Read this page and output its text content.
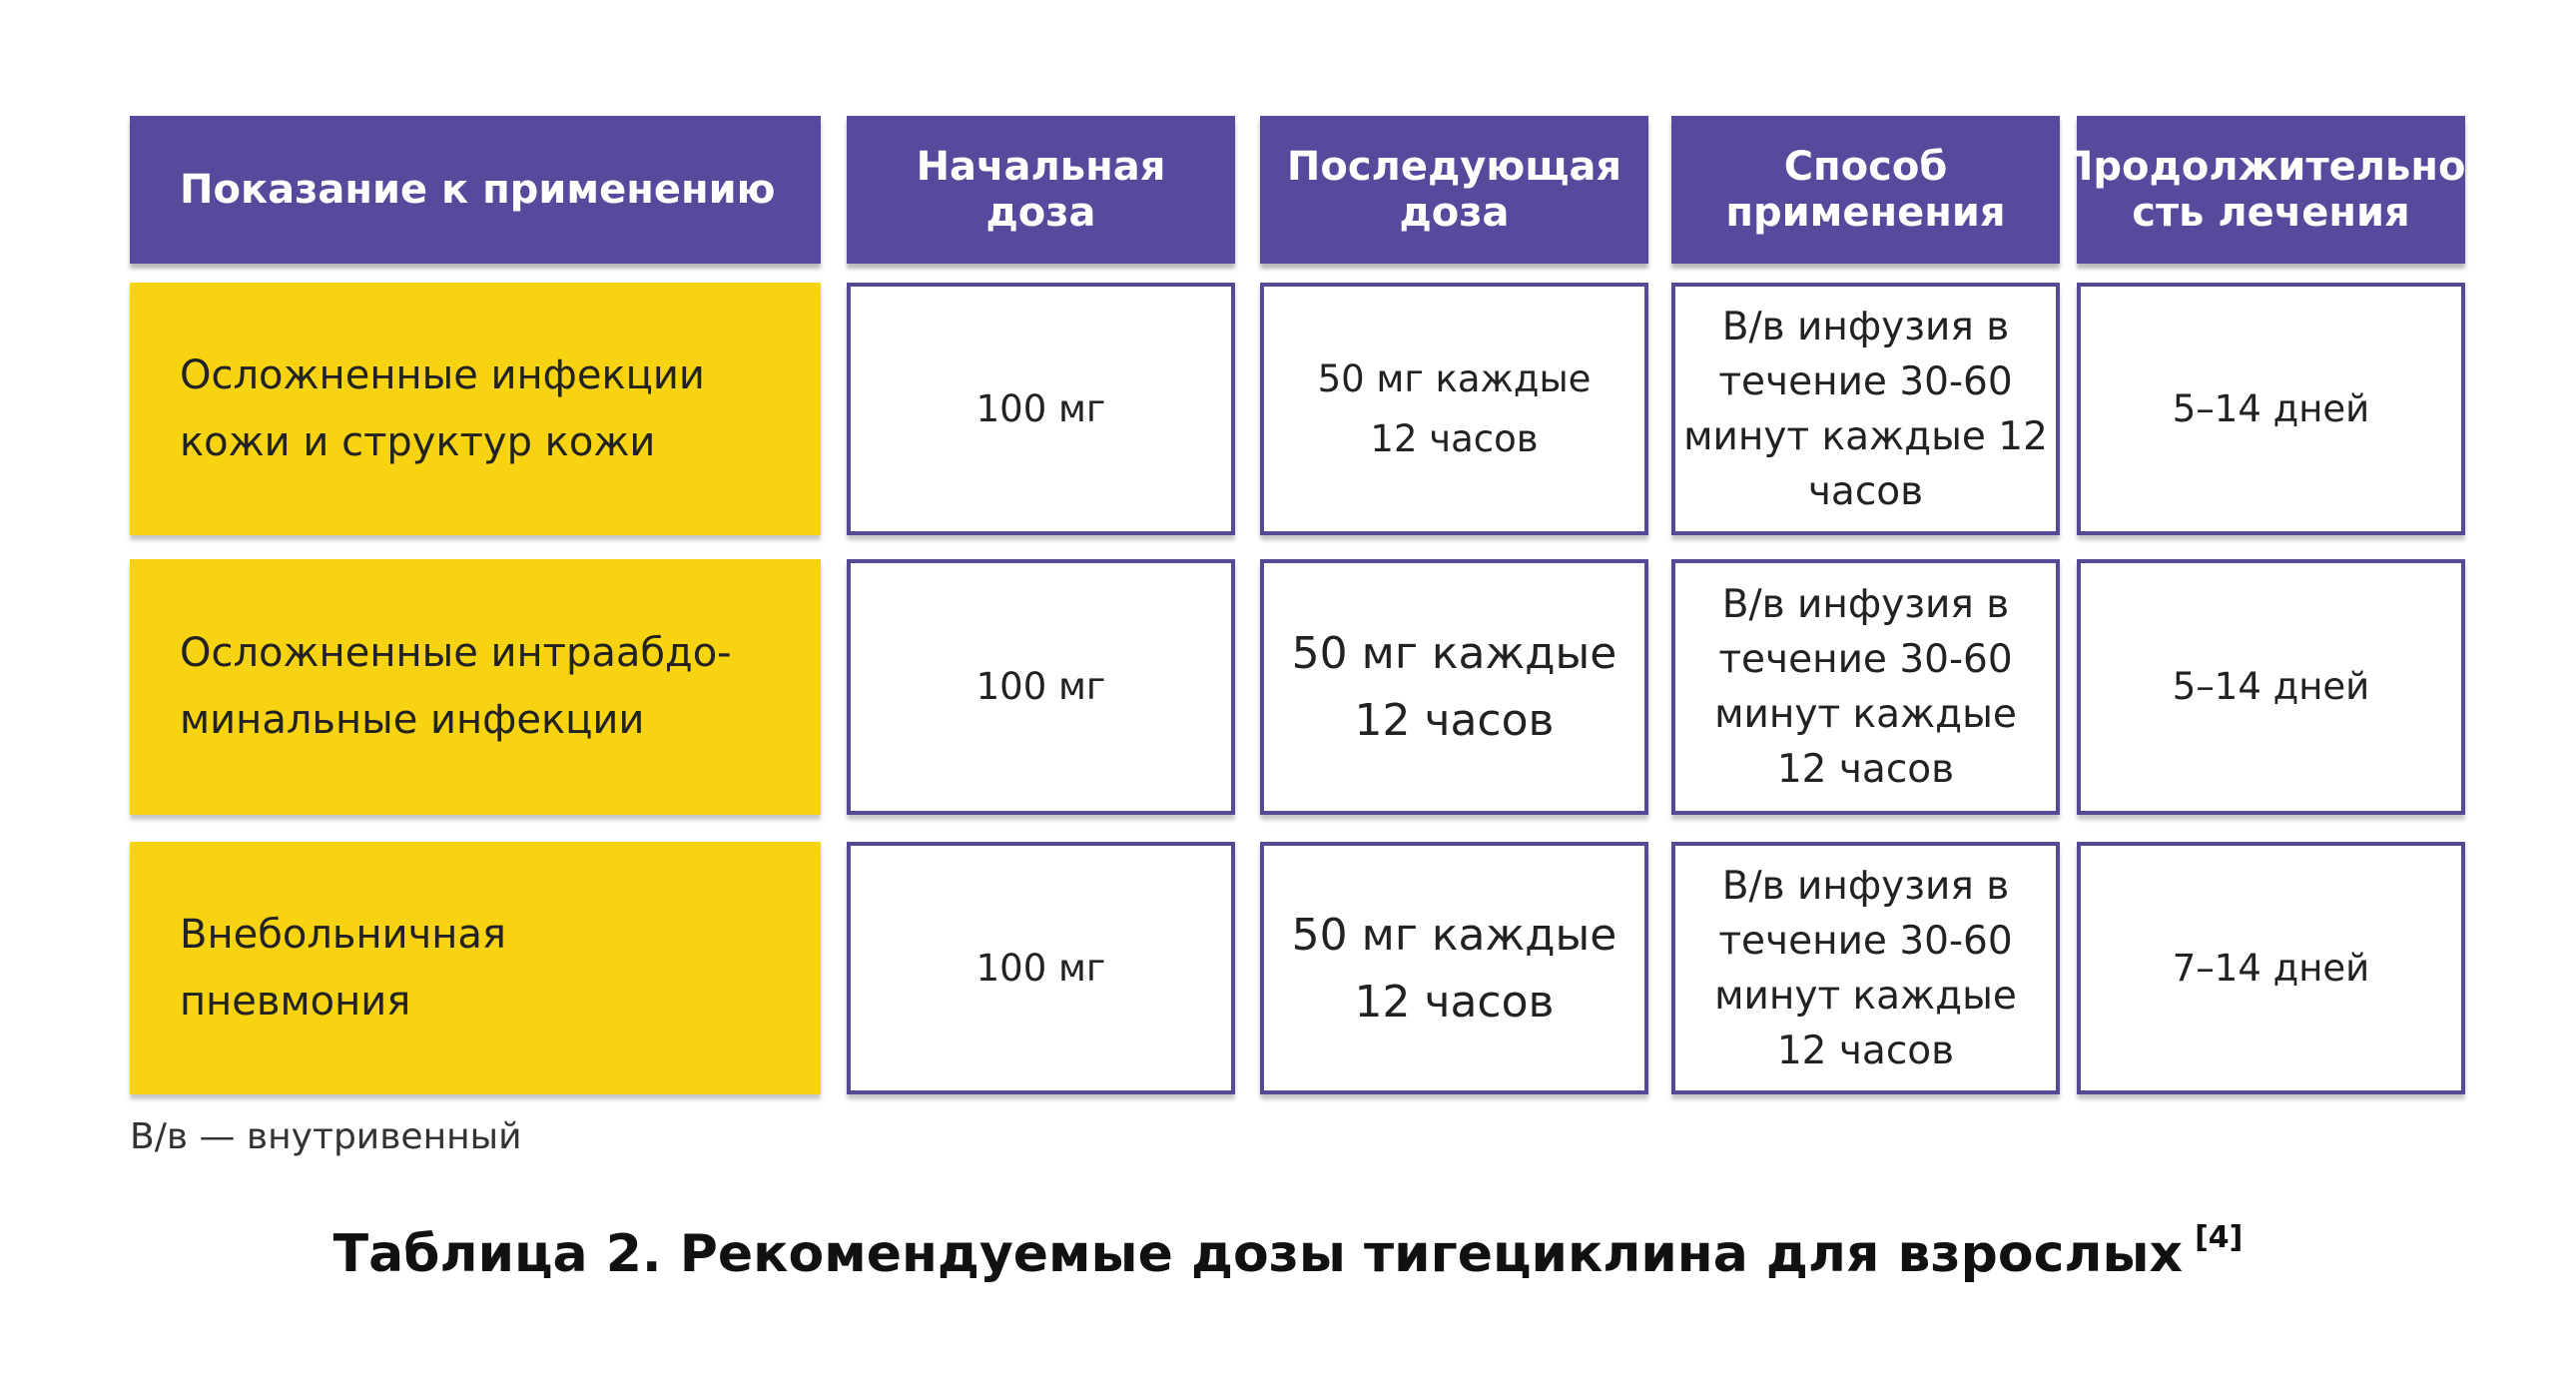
Показание к применению	Начальная
доза
Последующая
доза
Способ
применения
Продолжительно-
сть лечения
Осложненные инфекции
кожи и структур кожи
100 мг
50 мг каждые
12 часов
В/в инфузия в
течение 30-60
минут каждые 12
часов
5–14 дней
Осложненные интраабдо-
минальные инфекции
100 мг
50 мг каждые
12 часов
В/в инфузия в
течение 30-60
минут каждые
12 часов
5–14 дней
Внебольничная
пневмония
100 мг
50 мг каждые
12 часов
В/в инфузия в
течение 30-60
минут каждые
12 часов
7–14 дней
В/в — внутривенный
Таблица 2. Рекомендуемые дозы тигециклина для взрослых [4]
